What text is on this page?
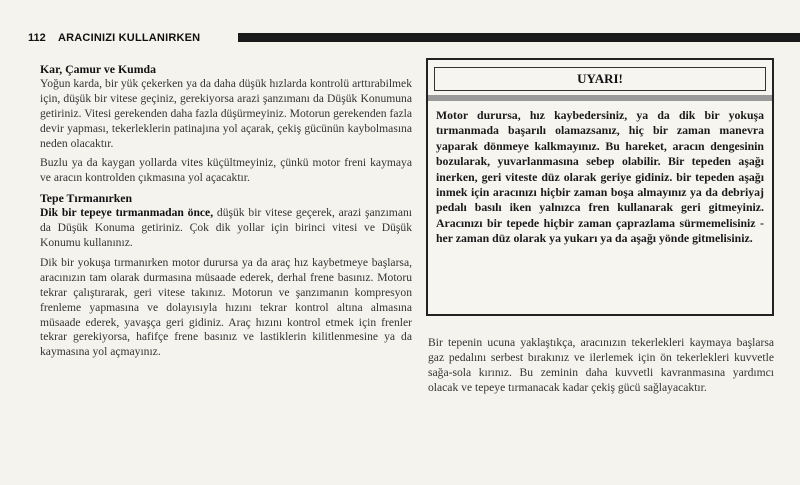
112 ARACINIZI KULLANIRKEN
Kar, Çamur ve Kumda

Yoğun karda, bir yük çekerken ya da daha düşük hızlarda kontrolü arttırabilmek için, düşük bir vitese geçiniz, gerekiyorsa arazi şanzımanı da Düşük Konumuna getiriniz. Vitesi gerekenden daha fazla düşürmeyiniz. Motorun gerekenden fazla devir yapması, tekerleklerin patinajına yol açarak, çekiş gücünün kaybolmasına neden olacaktır.

Buzlu ya da kaygan yollarda vites küçültmeyiniz, çünkü motor freni kaymaya ve aracın kontrolden çıkmasına yol açacaktır.

Tepe Tırmanırken

Dik bir tepeye tırmanmadan önce, düşük bir vitese geçerek, arazi şanzımanı da Düşük Konuma getiriniz. Çok dik yollar için birinci vitesi ve Düşük Konumu kullanınız.

Dik bir yokuşa tırmanırken motor durursa ya da araç hız kaybetmeye başlarsa, aracınızın tam olarak durmasına müsaade ederek, derhal frene basınız. Motoru tekrar çalıştırarak, geri vitese takınız. Motorun ve şanzımanın kompresyon frenleme yapmasına ve dolayısıyla hızını tekrar kontrol altına almasına müsaade ederek, yavaşça geri gidiniz. Araç hızını kontrol etmek için frenler tekrar gerekiyorsa, hafifçe frene basınız ve lastiklerin kilitlenmesine ya da kaymasına yol açmayınız.

UYARI!

Motor durursa, hız kaybedersiniz, ya da dik bir yokuşa tırmanmada başarılı olamazsanız, hiç bir zaman manevra yaparak dönmeye kalkmayınız. Bu hareket, aracın dengesinin bozularak, yuvarlanmasına sebep olabilir. Bir tepeden aşağı inerken, geri viteste düz olarak geriye gidiniz. bir tepeden aşağı inmek için aracınızı hiçbir zaman boşa almayınız ya da debriyaj pedalı basılı iken yalnızca fren kullanarak geri gitmeyiniz. Aracınızı bir tepede hiçbir zaman çaprazlama sürmemelisiniz - her zaman düz olarak ya yukarı ya da aşağı yönde gitmelisiniz.

Bir tepenin ucuna yaklaştıkça, aracınızın tekerlekleri kaymaya başlarsa gaz pedalını serbest bırakınız ve ilerlemek için ön tekerlekleri kuvvetle sağa-sola kırınız. Bu zeminin daha kuvvetli kavranmasına yardımcı olacak ve tepeye tırmanacak kadar çekiş gücü sağlayacaktır.
